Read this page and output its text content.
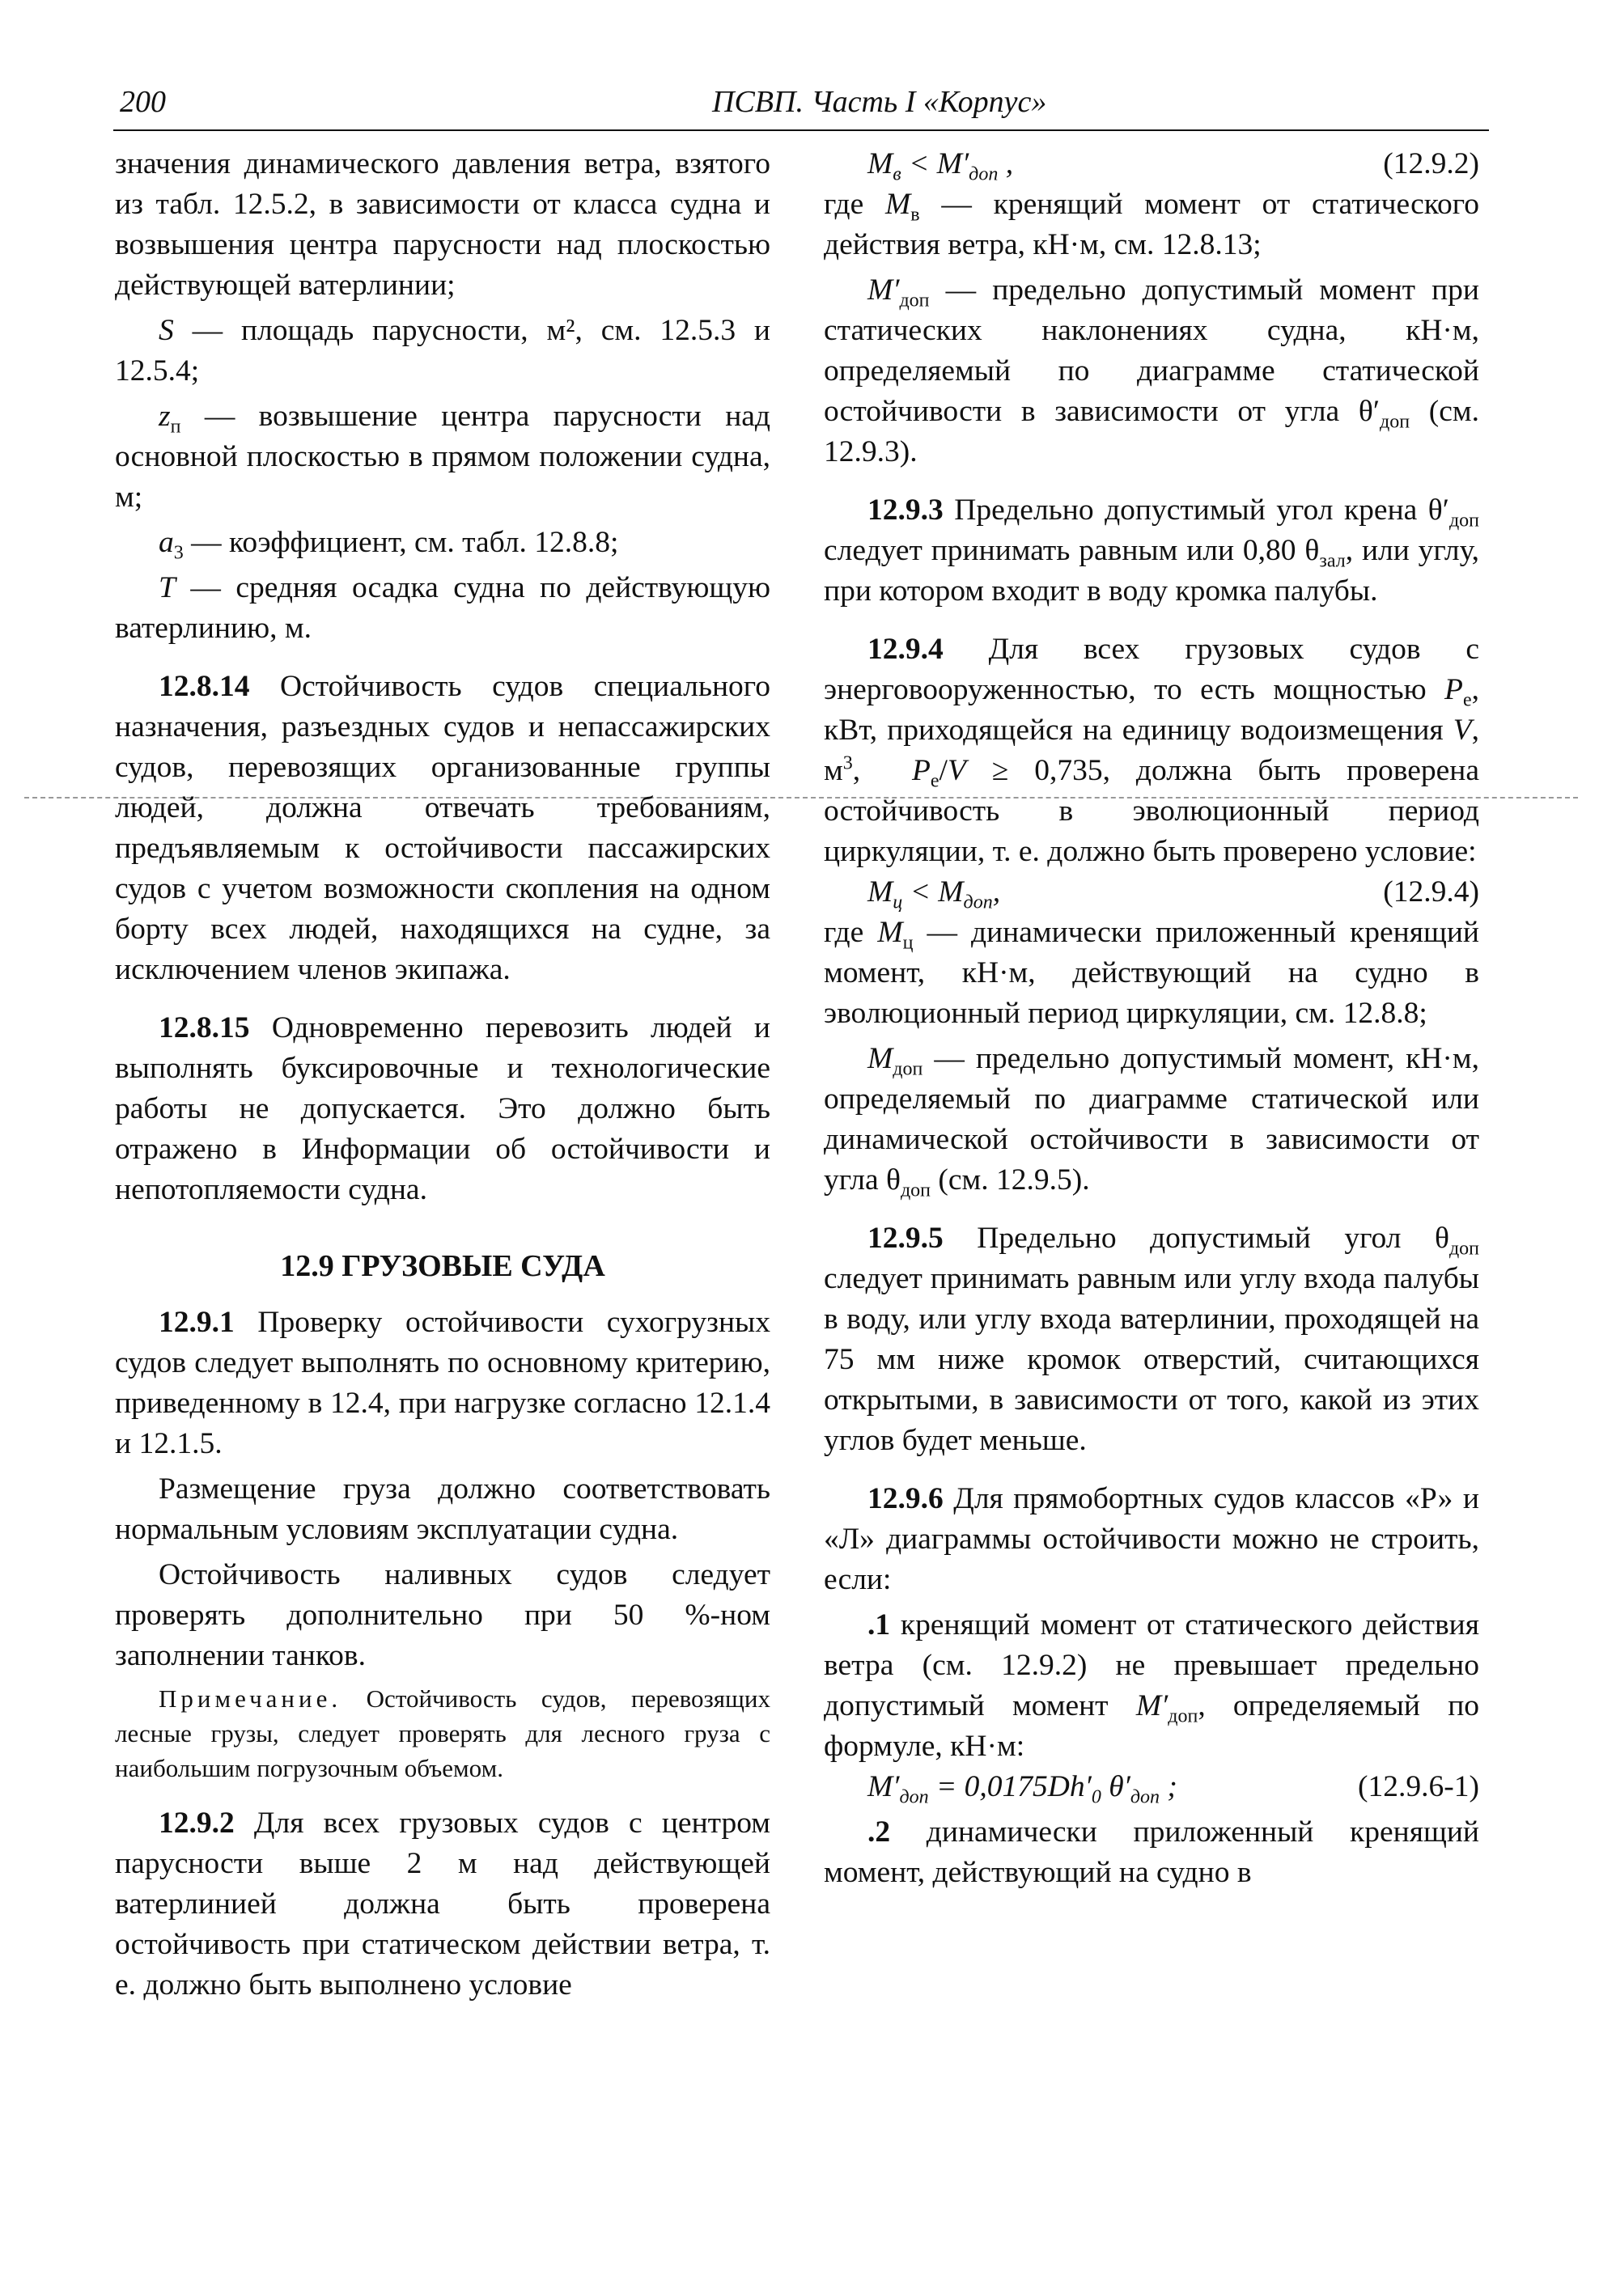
200	ПСВП. Часть I «Корпус»

значения динамического давления ветра, взятого из табл. 12.5.2, в зависимости от класса судна и возвышения центра парусности над плоскостью действующей ватерлинии;

S — площадь парусности, м², см. 12.5.3 и 12.5.4;

$z_п$ — возвышение центра парусности над основной плоскостью в прямом положении судна, м;

$a_3$ — коэффициент, см. табл. 12.8.8;

T — средняя осадка судна по действующую ватерлинию, м.

12.8.14 Остойчивость судов специального назначения, разъездных судов и непассажирских судов, перевозящих организованные группы людей, должна отвечать требованиям, предъявляемым к остойчивости пассажирских судов с учетом возможности скопления на одном борту всех людей, находящихся на судне, за исключением членов экипажа.

12.8.15 Одновременно перевозить людей и выполнять буксировочные и технологические работы не допускается. Это должно быть отражено в Информации об остойчивости и непотопляемости судна.

12.9 ГРУЗОВЫЕ СУДА

12.9.1 Проверку остойчивости сухогрузных судов следует выполнять по основному критерию, приведенному в 12.4, при нагрузке согласно 12.1.4 и 12.1.5.

Размещение груза должно соответствовать нормальным условиям эксплуатации судна.

Остойчивость наливных судов следует проверять дополнительно при 50 %-ном заполнении танков.

Примечание. Остойчивость судов, перевозящих лесные грузы, следует проверять для лесного груза с наибольшим погрузочным объемом.

12.9.2 Для всех грузовых судов с центром парусности выше 2 м над действующей ватерлинией должна быть проверена остойчивость при статическом действии ветра, т. е. должно быть выполнено условие

$M_в < M'_{доп}$ ,	(12.9.2)

где $M_в$ — кренящий момент от статического действия ветра, кН·м, см. 12.8.13;

$M'_{доп}$ — предельно допустимый момент при статических наклонениях судна, кН·м, определяемый по диаграмме статической остойчивости в зависимости от угла $\theta'_{доп}$ (см. 12.9.3).

12.9.3 Предельно допустимый угол крена $\theta'_{доп}$ следует принимать равным или 0,80 $\theta_{зал}$, или углу, при котором входит в воду кромка палубы.

12.9.4 Для всех грузовых судов с энерговооруженностью, то есть мощностью $P_e$, кВт, приходящейся на единицу водоизмещения V, $м^3$,  $P_e/V \ge 0,735$, должна быть проверена остойчивость в эволюционный период циркуляции, т. е. должно быть проверено условие:

$M_ц < M_{доп}$,	(12.9.4)

где $M_ц$ — динамически приложенный кренящий момент, кН·м, действующий на судно в эволюционный период циркуляции, см. 12.8.8;

$M_{доп}$ — предельно допустимый момент, кН·м, определяемый по диаграмме статической или динамической остойчивости в зависимости от угла $\theta_{доп}$ (см. 12.9.5).

12.9.5 Предельно допустимый угол $\theta_{доп}$ следует принимать равным или углу входа палубы в воду, или углу входа ватерлинии, проходящей на 75 мм ниже кромок отверстий, считающихся открытыми, в зависимости от того, какой из этих углов будет меньше.

12.9.6 Для прямобортных судов классов «Р» и «Л» диаграммы остойчивости можно не строить, если:

.1 кренящий момент от статического действия ветра (см. 12.9.2) не превышает предельно допустимый момент $M'_{доп}$, определяемый по формуле, кН·м:

$M'_{доп} = 0,0175Dh'_0$ $\theta'_{доп}$ ;	(12.9.6-1)

.2 динамически приложенный кренящий момент, действующий на судно в
